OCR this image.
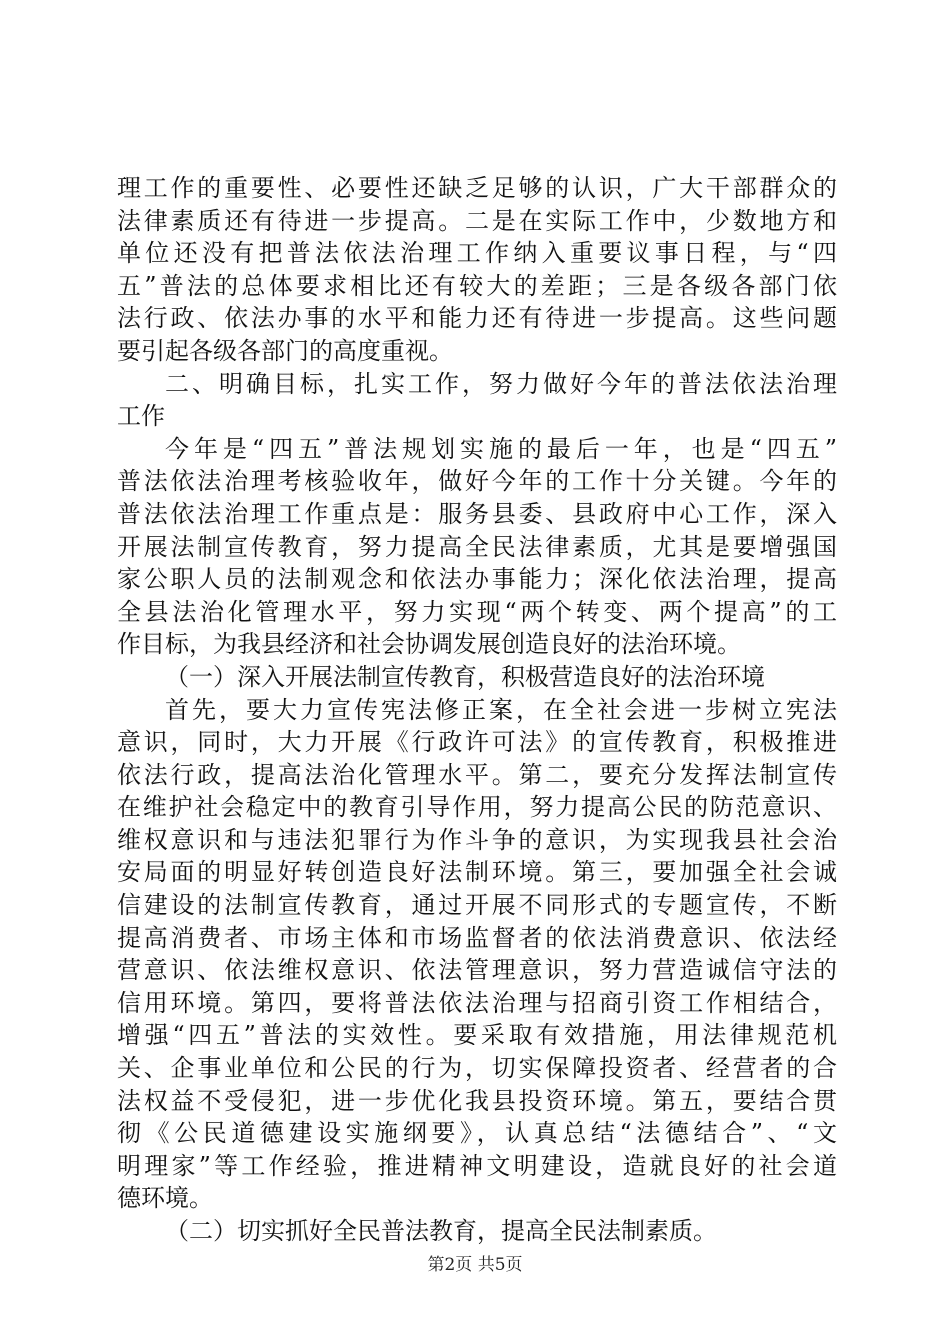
理工作的重要性、必要性还缺乏足够的认识，广大干部群众的
法律素质还有待进一步提高。二是在实际工作中，少数地方和
单位还没有把普法依法治理工作纳入重要议事日程，与“四
五”普法的总体要求相比还有较大的差距；三是各级各部门依
法行政、依法办事的水平和能力还有待进一步提高。这些问题
要引起各级各部门的高度重视。
二、明确目标，扎实工作，努力做好今年的普法依法治理
工作
今年是“四五”普法规划实施的最后一年，也是“四五”
普法依法治理考核验收年，做好今年的工作十分关键。今年的
普法依法治理工作重点是：服务县委、县政府中心工作，深入
开展法制宣传教育，努力提高全民法律素质，尤其是要增强国
家公职人员的法制观念和依法办事能力；深化依法治理，提高
全县法治化管理水平，努力实现“两个转变、两个提高”的工
作目标，为我县经济和社会协调发展创造良好的法治环境。
（一）深入开展法制宣传教育，积极营造良好的法治环境
首先，要大力宣传宪法修正案，在全社会进一步树立宪法
意识，同时，大力开展《行政许可法》的宣传教育，积极推进
依法行政，提高法治化管理水平。第二，要充分发挥法制宣传
在维护社会稳定中的教育引导作用，努力提高公民的防范意识、
维权意识和与违法犯罪行为作斗争的意识，为实现我县社会治
安局面的明显好转创造良好法制环境。第三，要加强全社会诚
信建设的法制宣传教育，通过开展不同形式的专题宣传，不断
提高消费者、市场主体和市场监督者的依法消费意识、依法经
营意识、依法维权意识、依法管理意识，努力营造诚信守法的
信用环境。第四，要将普法依法治理与招商引资工作相结合，
增强“四五”普法的实效性。要采取有效措施，用法律规范机
关、企事业单位和公民的行为，切实保障投资者、经营者的合
法权益不受侵犯，进一步优化我县投资环境。第五，要结合贯
彻《公民道德建设实施纲要》，认真总结“法德结合”、“文
明理家”等工作经验，推进精神文明建设，造就良好的社会道
德环境。
（二）切实抓好全民普法教育，提高全民法制素质。
第2页 共5页
